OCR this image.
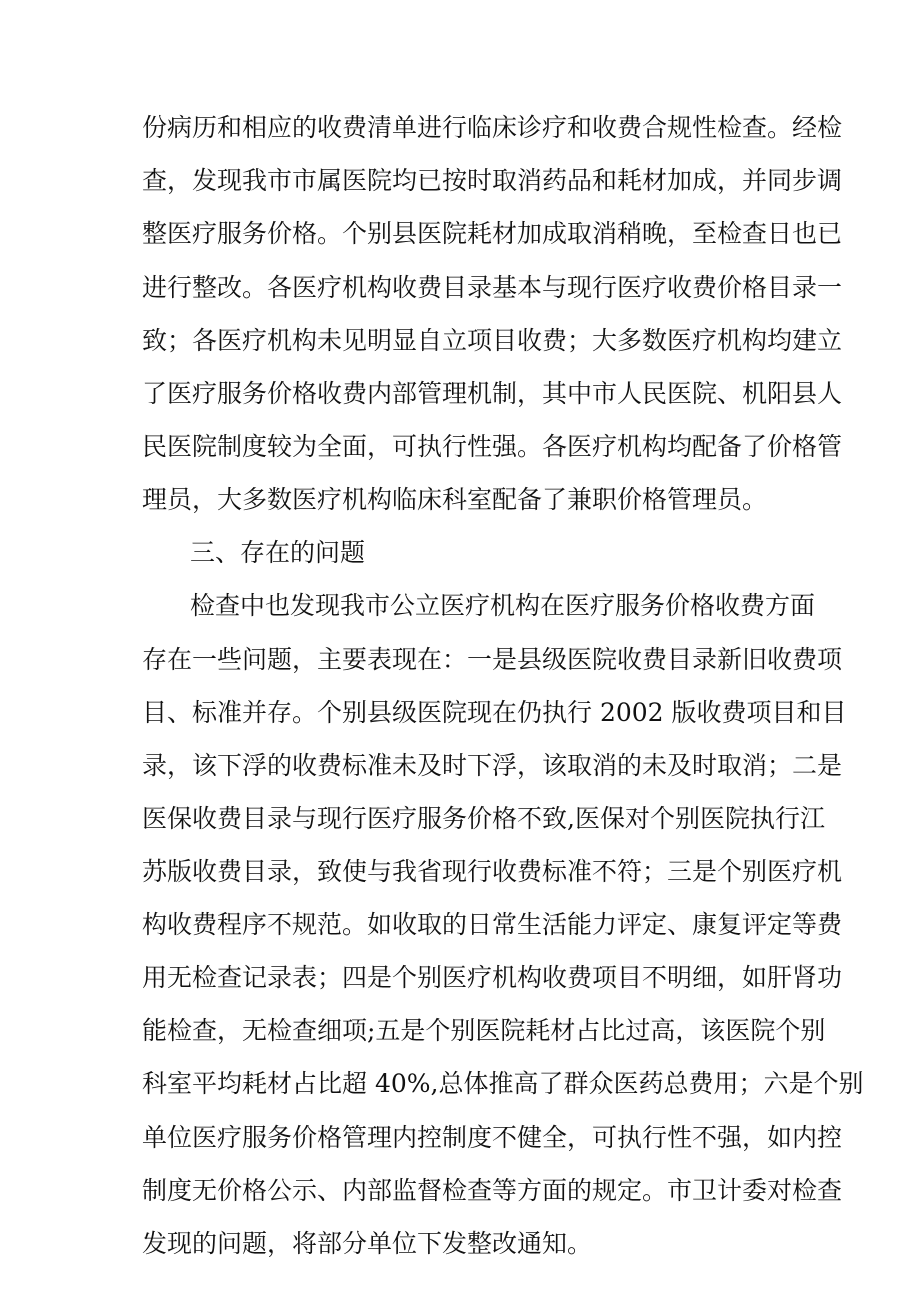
份病历和相应的收费清单进行临床诊疗和收费合规性检查。经检
查，发现我市市属医院均已按时取消药品和耗材加成，并同步调
整医疗服务价格。个别县医院耗材加成取消稍晚，至检查日也已
进行整改。各医疗机构收费目录基本与现行医疗收费价格目录一
致；各医疗机构未见明显自立项目收费；大多数医疗机构均建立
了医疗服务价格收费内部管理机制，其中市人民医院、机阳县人
民医院制度较为全面，可执行性强。各医疗机构均配备了价格管
理员，大多数医疗机构临床科室配备了兼职价格管理员。
三、存在的问题
检查中也发现我市公立医疗机构在医疗服务价格收费方面
存在一些问题，主要表现在：一是县级医院收费目录新旧收费项
目、标准并存。个别县级医院现在仍执行 2002 版收费项目和目
录，该下浮的收费标准未及时下浮，该取消的未及时取消；二是
医保收费目录与现行医疗服务价格不致,医保对个别医院执行江
苏版收费目录，致使与我省现行收费标准不符；三是个别医疗机
构收费程序不规范。如收取的日常生活能力评定、康复评定等费
用无检查记录表；四是个别医疗机构收费项目不明细，如肝肾功
能检查，无检查细项;五是个别医院耗材占比过高，该医院个别
科室平均耗材占比超 40%,总体推高了群众医药总费用；六是个别
单位医疗服务价格管理内控制度不健全，可执行性不强，如内控
制度无价格公示、内部监督检查等方面的规定。市卫计委对检查
发现的问题，将部分单位下发整改通知。
